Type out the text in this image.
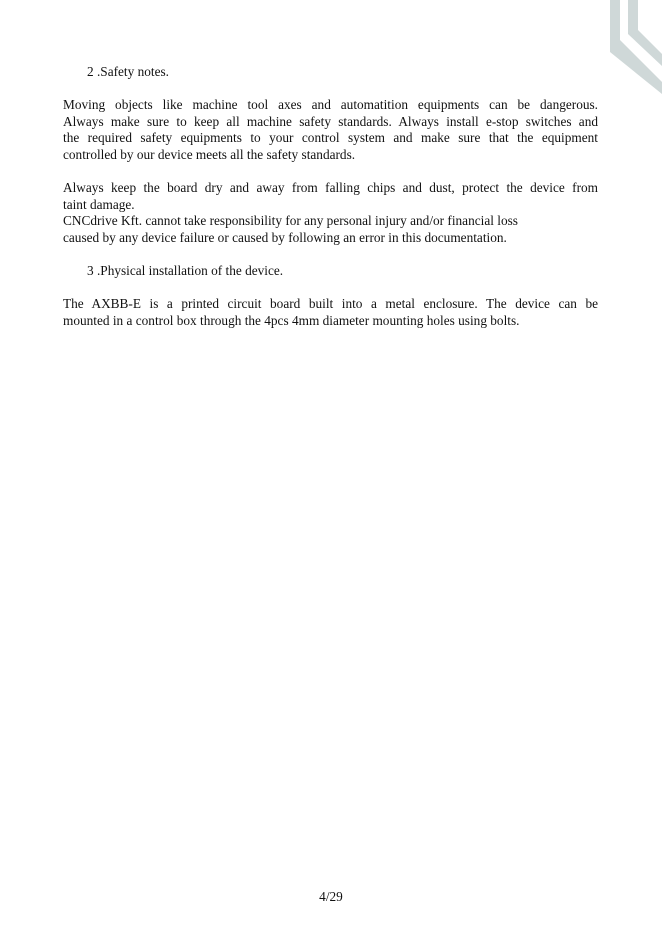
2 .Safety notes.
Moving objects like machine tool axes and automatition equipments can be dangerous.
Always make sure to keep all machine safety standards. Always install e-stop switches and
the required safety equipments to your control system and make sure that the equipment
controlled by our device meets all the safety standards.
Always keep the board dry and away from falling chips and dust, protect the device from
taint damage.
CNCdrive Kft. cannot take responsibility for any personal injury and/or financial loss
caused by any device failure or caused by following an error in this documentation.
3 .Physical installation of the device.
The AXBB-E is a printed circuit board built into a metal enclosure. The device can be
mounted in a control box through the 4pcs 4mm diameter mounting holes using bolts.
4/29
